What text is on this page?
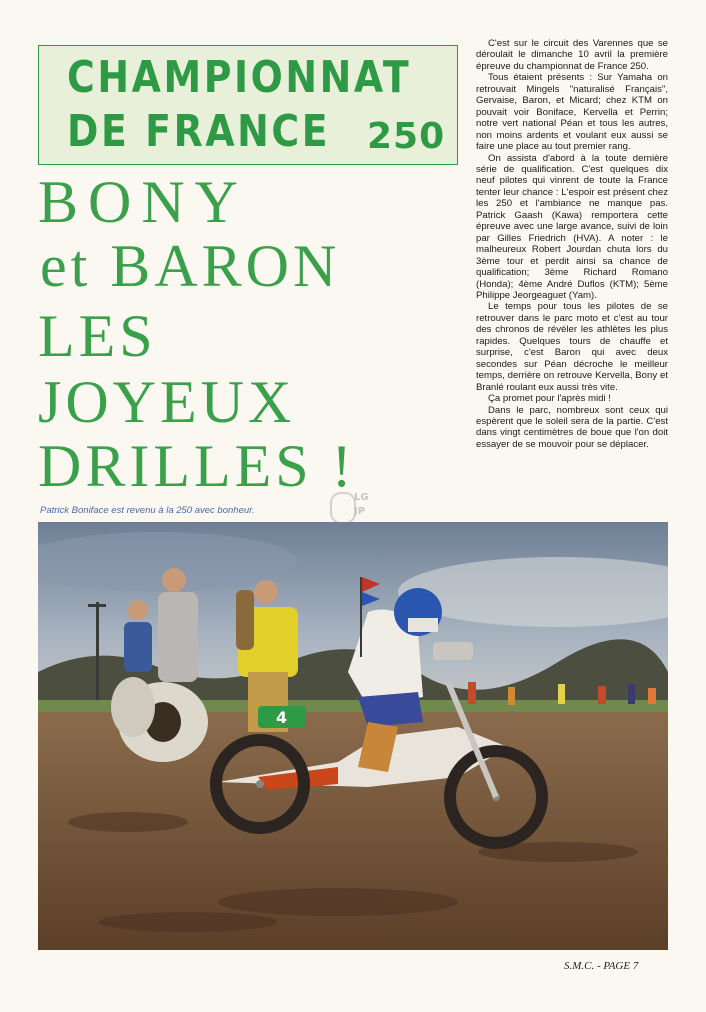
CHAMPIONNAT
DE FRANCE 250
BONY
et BARON
LES
JOYEUX
DRILLES !
Patrick Boniface est revenu à la 250 avec bonheur.
LG
JP

C'est sur le circuit des Varennes que se déroulait le dimanche 10 avril la première épreuve du championnat de France 250.

Tous étaient présents : Sur Yamaha on retrouvait Mingels "naturalisé Français", Gervaise, Baron, et Micard; chez KTM on pouvait voir Boniface, Kervella et Perrin; notre vert national Péan et tous les autres, non moins ardents et voulant eux aussi se faire une place au tout premier rang.

On assista d'abord à la toute dernière série de qualification. C'est quelques dix neuf pilotes qui vinrent de toute la France tenter leur chance : L'espoir est présent chez les 250 et l'ambiance ne manque pas. Patrick Gaash (Kawa) remportera cette épreuve avec une large avance, suivi de loin par Gilles Friedrich (HVA). A noter : le malheureux Robert Jourdan chuta lors du 3ème tour et perdit ainsi sa chance de qualification; 3ème Richard Romano (Honda); 4ème André Duflos (KTM); 5ème Philippe Jeorgeaguet (Yam).

Le temps pour tous les pilotes de se retrouver dans le parc moto et c'est au tour des chronos de révéler les athlètes les plus rapides. Quelques tours de chauffe et surprise, c'est Baron qui avec deux secondes sur Péan décroche le meilleur temps, derrière on retrouve Kervella, Bony et Branlé roulant eux aussi très vite.

Ça promet pour l'après midi !

Dans le parc, nombreux sont ceux qui espèrent que le soleil sera de la partie. C'est dans vingt centimètres de boue que l'on doit essayer de se mouvoir pour se déplacer.

4
S.M.C. - PAGE 7
